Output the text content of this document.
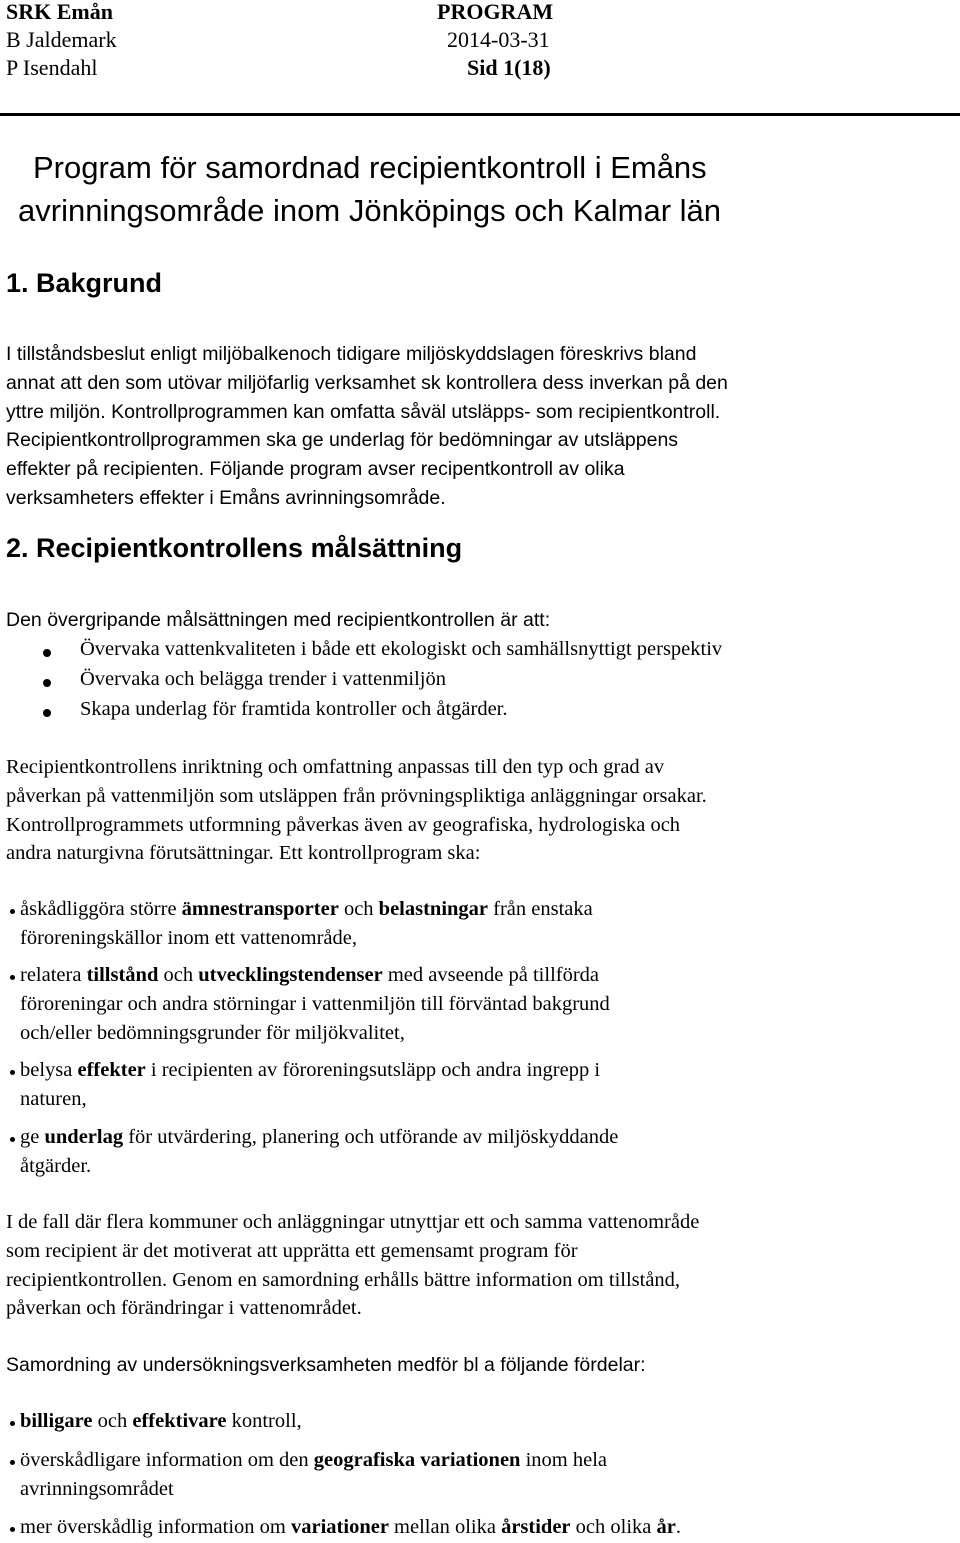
SRK Emån	PROGRAM
B Jaldemark	2014-03-31
P Isendahl	Sid 1(18)
Program för samordnad recipientkontroll i Emåns
avrinningsområde inom Jönköpings och Kalmar län
1. Bakgrund
I tillståndsbeslut enligt miljöbalkenoch tidigare miljöskyddslagen föreskrivs bland
annat att den som utövar miljöfarlig verksamhet sk kontrollera dess inverkan på den
yttre miljön. Kontrollprogrammen kan omfatta såväl utsläpps- som recipientkontroll.
Recipientkontrollprogrammen ska ge underlag för bedömningar av utsläppens
effekter på recipienten. Följande program avser recipentkontroll av olika
verksamheters effekter i Emåns avrinningsområde.
2. Recipientkontrollens målsättning
Den övergripande målsättningen med recipientkontrollen är att:
Övervaka vattenkvaliteten i både ett ekologiskt och samhällsnyttigt perspektiv
Övervaka och belägga trender i vattenmiljön
Skapa underlag för framtida kontroller och åtgärder.
Recipientkontrollens inriktning och omfattning anpassas till den typ och grad av
påverkan på vattenmiljön som utsläppen från prövningspliktiga anläggningar orsakar.
Kontrollprogrammets utformning påverkas även av geografiska, hydrologiska och
andra naturgivna förutsättningar. Ett kontrollprogram ska:
åskådliggöra större ämnestransporter och belastningar från enstaka
föroreningskällor inom ett vattenområde,
relatera tillstånd och utvecklingstendenser med avseende på tillförda
föroreningar och andra störningar i vattenmiljön till förväntad bakgrund
och/eller bedömningsgrunder för miljökvalitet,
belysa effekter i recipienten av föroreningsutsläpp och andra ingrepp i
naturen,
ge underlag för utvärdering, planering och utförande av miljöskyddande
åtgärder.
I de fall där flera kommuner och anläggningar utnyttjar ett och samma vattenområde
som recipient är det motiverat att upprätta ett gemensamt program för
recipientkontrollen. Genom en samordning erhålls bättre information om tillstånd,
påverkan och förändringar i vattenområdet.
Samordning av undersökningsverksamheten medför bl a följande fördelar:
billigare och effektivare kontroll,
överskådligare information om den geografiska variationen inom hela
avrinningsområdet
mer överskådlig information om variationer mellan olika årstider och olika år.
